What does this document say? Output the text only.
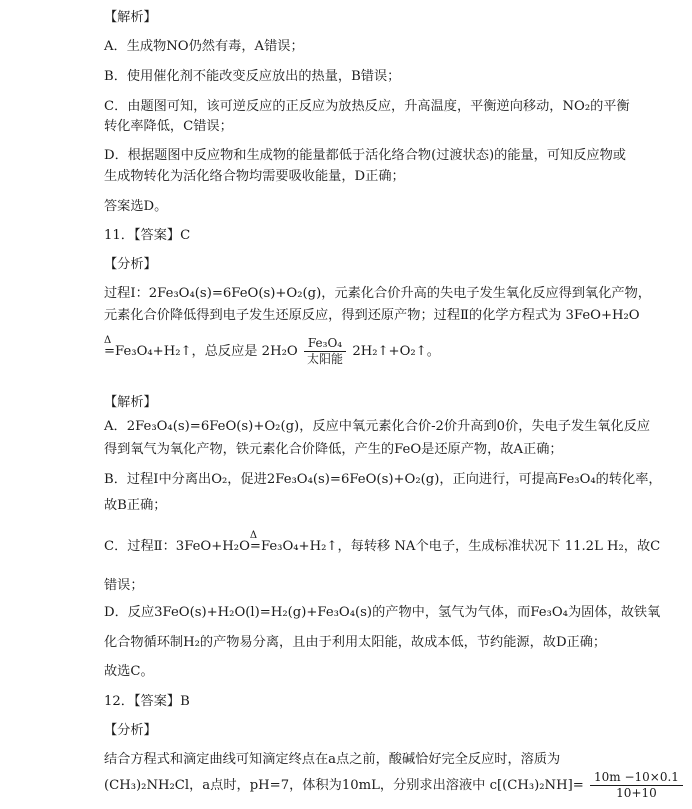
【解析】
A．生成物NO仍然有毒，A错误；
B．使用催化剂不能改变反应放出的热量，B错误；
C．由题图可知，该可逆反应的正反应为放热反应，升高温度，平衡逆向移动，NO₂的平衡
转化率降低，C错误；
D．根据题图中反应物和生成物的能量都低于活化络合物(过渡状态)的能量，可知反应物或
生成物转化为活化络合物均需要吸收能量，D正确；
答案选D。
11．【答案】C
【分析】
过程Ⅰ：2Fe₃O₄(s)=6FeO(s)+O₂(g)，元素化合价升高的失电子发生氧化反应得到氧化产物，
元素化合价降低得到电子发生还原反应，得到还原产物；过程Ⅱ的化学方程式为 3FeO+H₂O
【解析】
A．2Fe₃O₄(s)=6FeO(s)+O₂(g)，反应中氧元素化合价-2价升高到0价，失电子发生氧化反应
得到氧气为氧化产物，铁元素化合价降低，产生的FeO是还原产物，故A正确；
B．过程Ⅰ中分离出O₂，促进2Fe₃O₄(s)=6FeO(s)+O₂(g)，正向进行，可提高Fe₃O₄的转化率，
故B正确；
错误；
D．反应3FeO(s)+H₂O(l)=H₂(g)+Fe₃O₄(s)的产物中，氢气为气体，而Fe₃O₄为固体，故铁氧
化合物循环制H₂的产物易分离，且由于利用太阳能，故成本低，节约能源，故D正确；
故选C。
12．【答案】B
【分析】
结合方程式和滴定曲线可知滴定终点在a点之前，酸碱恰好完全反应时，溶质为
Δ
=Fe₃O₄+H₂↑，总反应是 $2H_2O \frac{\text{Fe₃O₄}}{\text{太阳能}}$ 2H₂↑+O₂↑。
C．过程Ⅱ：3FeO+H₂O
Δ
=Fe₃O₄+H₂↑，每转移 NA个电子，生成标准状况下 11.2L H₂，故C
(CH₃)₂NH₂Cl，a点时，pH=7，体积为10mL，分别求出溶液中 $c[(CH_3)_2NH]= \frac{10m -10\times 0.1}{10+10}$
